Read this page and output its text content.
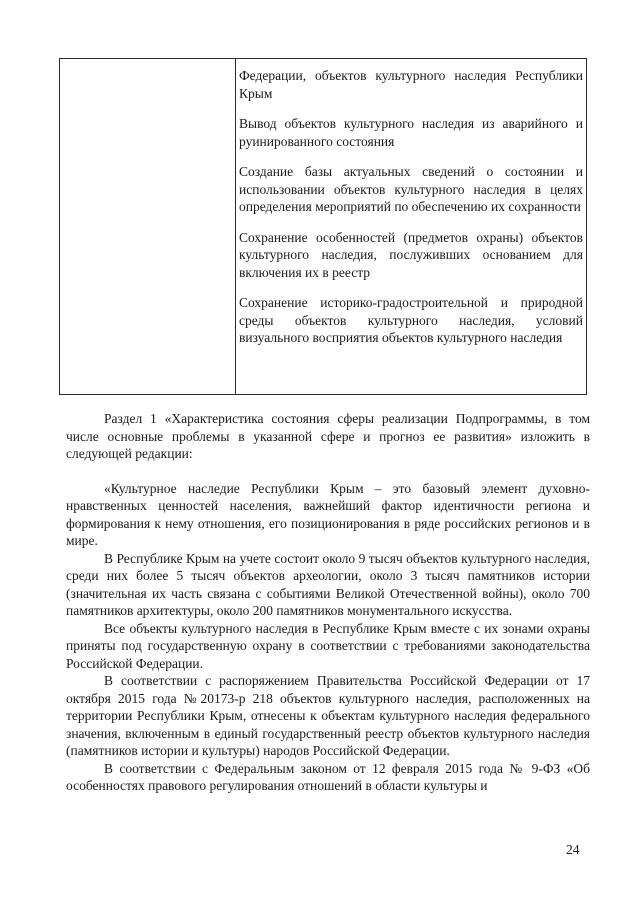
Федерации, объектов культурного наследия Республики Крым

Вывод объектов культурного наследия из аварийного и руинированного состояния

Создание базы актуальных сведений о состоянии и использовании объектов культурного наследия в целях определения мероприятий по обеспечению их сохранности

Сохранение особенностей (предметов охраны) объектов культурного наследия, послуживших основанием для включения их в реестр

Сохранение историко-градостроительной и природной среды объектов культурного наследия, условий визуального восприятия объектов культурного наследия

Раздел 1 «Характеристика состояния сферы реализации Подпрограммы, в том числе основные проблемы в указанной сфере и прогноз ее развития» изложить в следующей редакции:

«Культурное наследие Республики Крым – это базовый элемент духовно-нравственных ценностей населения, важнейший фактор идентичности региона и формирования к нему отношения, его позиционирования в ряде российских регионов и в мире.

В Республике Крым на учете состоит около 9 тысяч объектов культурного наследия, среди них более 5 тысяч объектов археологии, около 3 тысяч памятников истории (значительная их часть связана с событиями Великой Отечественной войны), около 700 памятников архитектуры, около 200 памятников монументального искусства.

Все объекты культурного наследия в Республике Крым вместе с их зонами охраны приняты под государственную охрану в соответствии с требованиями законодательства Российской Федерации.

В соответствии с распоряжением Правительства Российской Федерации от 17 октября 2015 года №20173-р 218 объектов культурного наследия, расположенных на территории Республики Крым, отнесены к объектам культурного наследия федерального значения, включенным в единый государственный реестр объектов культурного наследия (памятников истории и культуры) народов Российской Федерации.

В соответствии с Федеральным законом от 12 февраля 2015 года № 9-ФЗ «Об особенностях правового регулирования отношений в области культуры и

24
